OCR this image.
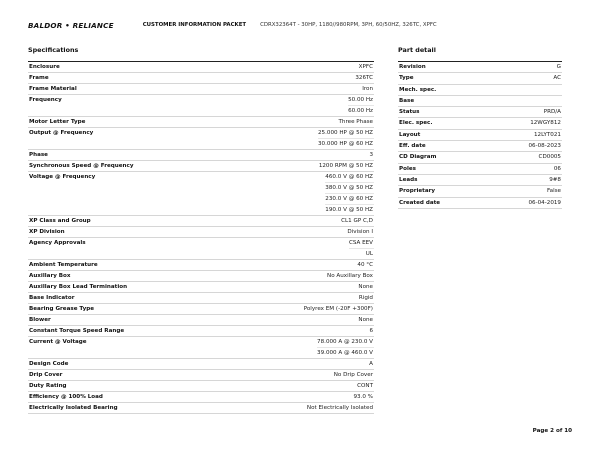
BALDOR • RELIANCE	CUSTOMER INFORMATION PACKET	CDRX32364T - 30HP, 1180//980RPM, 3PH, 60/50HZ, 326TC, XPFC
Specifications
Enclosure	XPFC
Frame	326TC
Frame Material	Iron
Frequency	50.00 Hz
60.00 Hz
Motor Letter Type	Three Phase
Output @ Frequency	25.000 HP @ 50 HZ
30.000 HP @ 60 HZ
Phase	3
Synchronous Speed @ Frequency	1200 RPM @ 50 HZ
Voltage @ Frequency	460.0 V @ 60 HZ
380.0 V @ 50 HZ
230.0 V @ 60 HZ
190.0 V @ 50 HZ
XP Class and Group	CL1 GP C,D
XP Division	Division I
Agency Approvals	CSA EEV
UL
Ambient Temperature	40 °C
Auxillary Box	No Auxillary Box
Auxillary Box Lead Termination	None
Base Indicator	Rigid
Bearing Grease Type	Polyrex EM (-20F +300F)
Blower	None
Constant Torque Speed Range	6
Current @ Voltage	78.000 A @ 230.0 V
39.000 A @ 460.0 V
Design Code	A
Drip Cover	No Drip Cover
Duty Rating	CONT
Efficiency @ 100% Load	93.0 %
Electrically Isolated Bearing	Not Electrically Isolated
Part detail
Revision	G
Type	AC
Mech. spec.
Base
Status	PRD/A
Elec. spec.	12WGY812
Layout	12LYT021
Eff. date	06-08-2023
CD Diagram	CD0005
Poles	06
Leads	9#8
Proprietary	False
Created date	06-04-2019
Page 2 of 10
